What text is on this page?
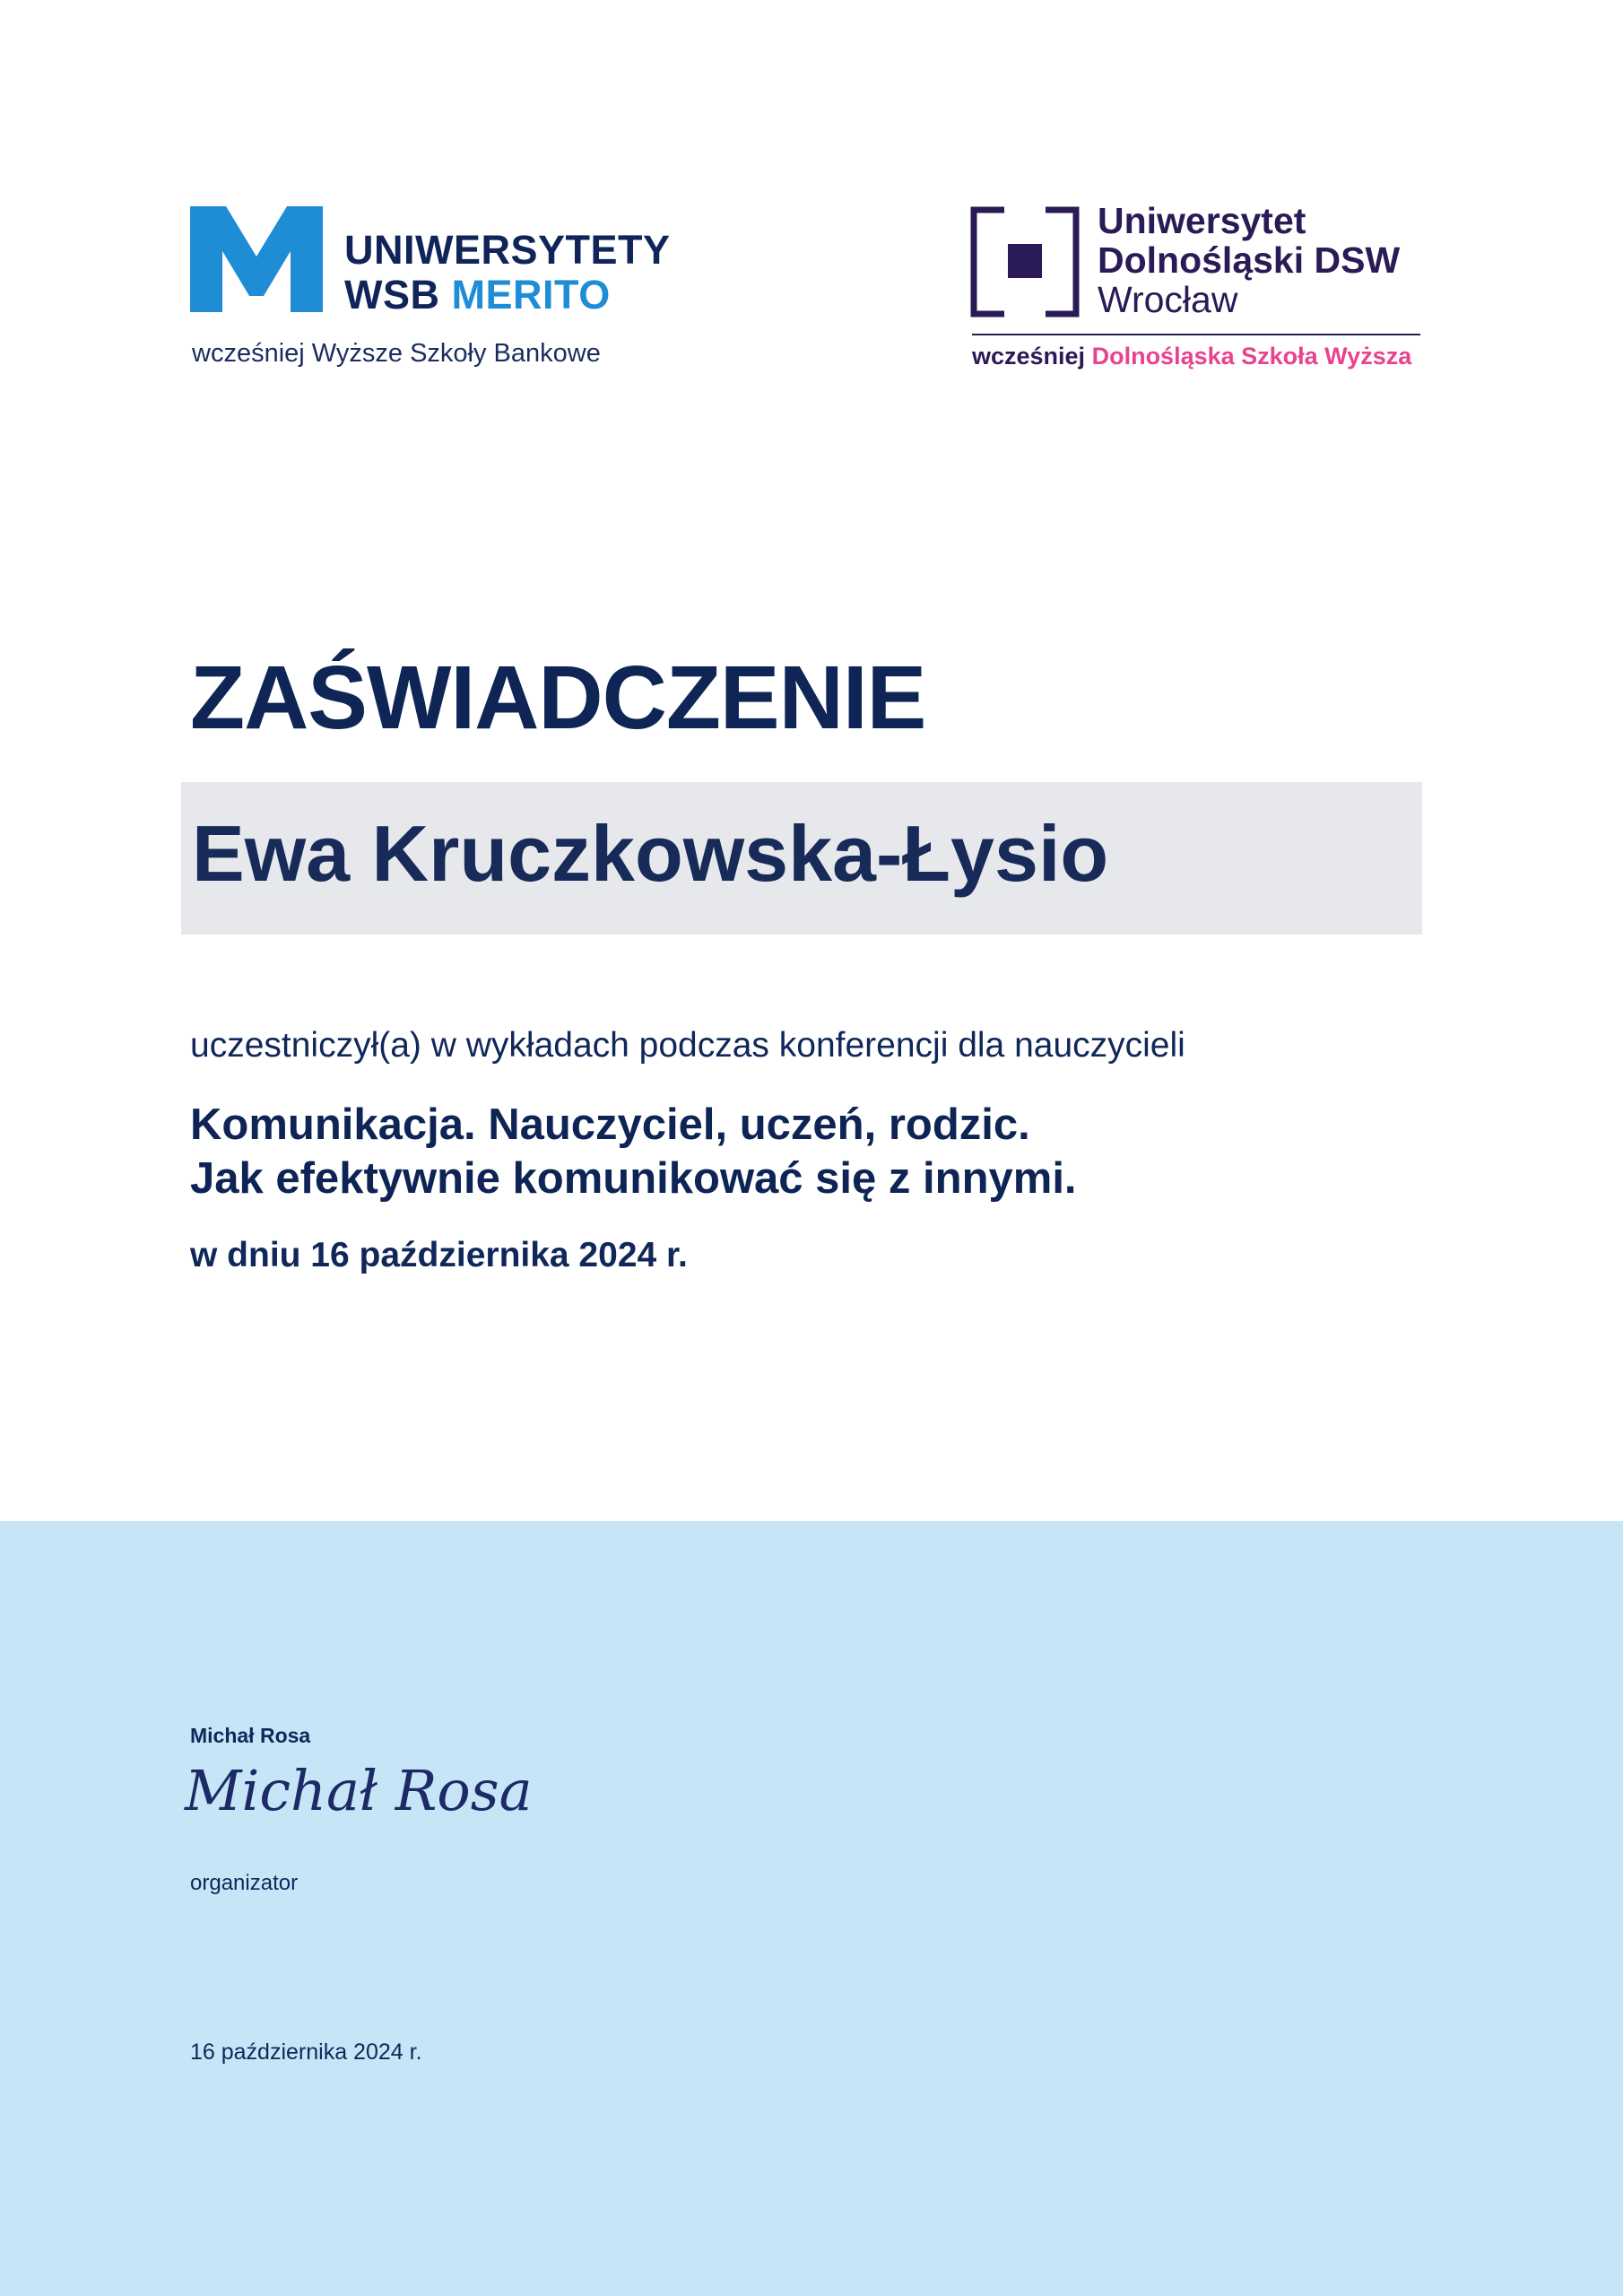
UNIWERSYTETY
WSB MERITO
wcześniej Wyższe Szkoły Bankowe
Uniwersytet
Dolnośląski DSW
Wrocław
wcześniej Dolnośląska Szkoła Wyższa
ZAŚWIADCZENIE
Ewa Kruczkowska-Łysio
uczestniczył(a) w wykładach podczas konferencji dla nauczycieli
Komunikacja. Nauczyciel, uczeń, rodzic.
Jak efektywnie komunikować się z innymi.
w dniu 16 października 2024 r.
Michał Rosa
Michał Rosa
organizator
16 października 2024 r.
